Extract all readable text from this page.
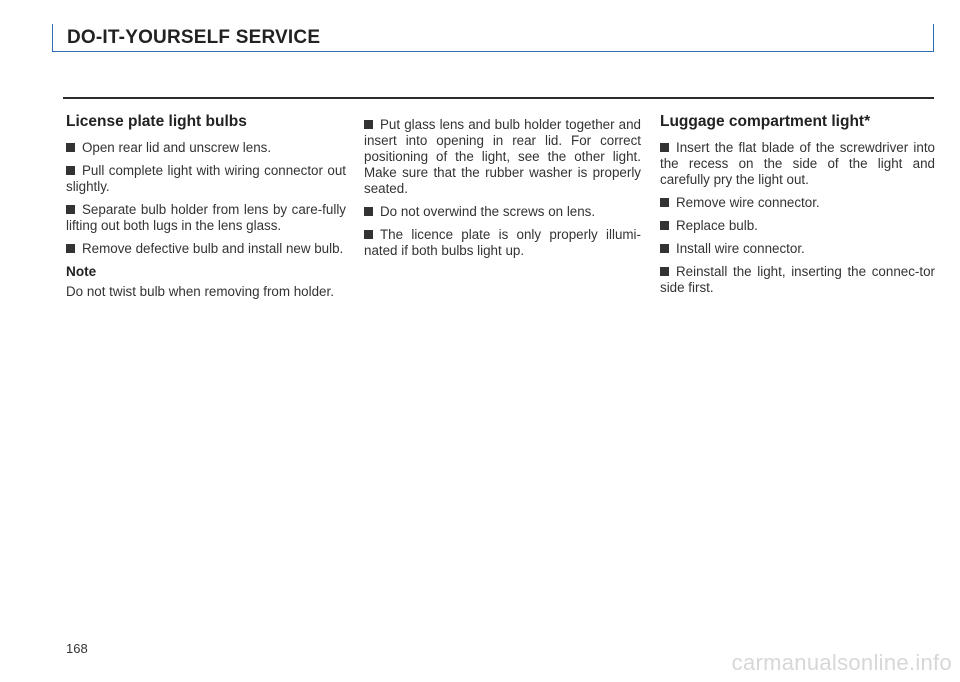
DO-IT-YOURSELF SERVICE
License plate light bulbs
Open rear lid and unscrew lens.
Pull complete light with wiring connector out slightly.
Separate bulb holder from lens by care-fully lifting out both lugs in the lens glass.
Remove defective bulb and install new bulb.
Note

Do not twist bulb when removing from holder.

Put glass lens and bulb holder together and insert into opening in rear lid. For correct positioning of the light, see the other light. Make sure that the rubber washer is properly seated.
Do not overwind the screws on lens.
The licence plate is only properly illumi-nated if both bulbs light up.
Luggage compartment light*
Insert the flat blade of the screwdriver into the recess on the side of the light and carefully pry the light out.
Remove wire connector.
Replace bulb.
Install wire connector.
Reinstall the light, inserting the connec-tor side first.
168
carmanualsonline.info
